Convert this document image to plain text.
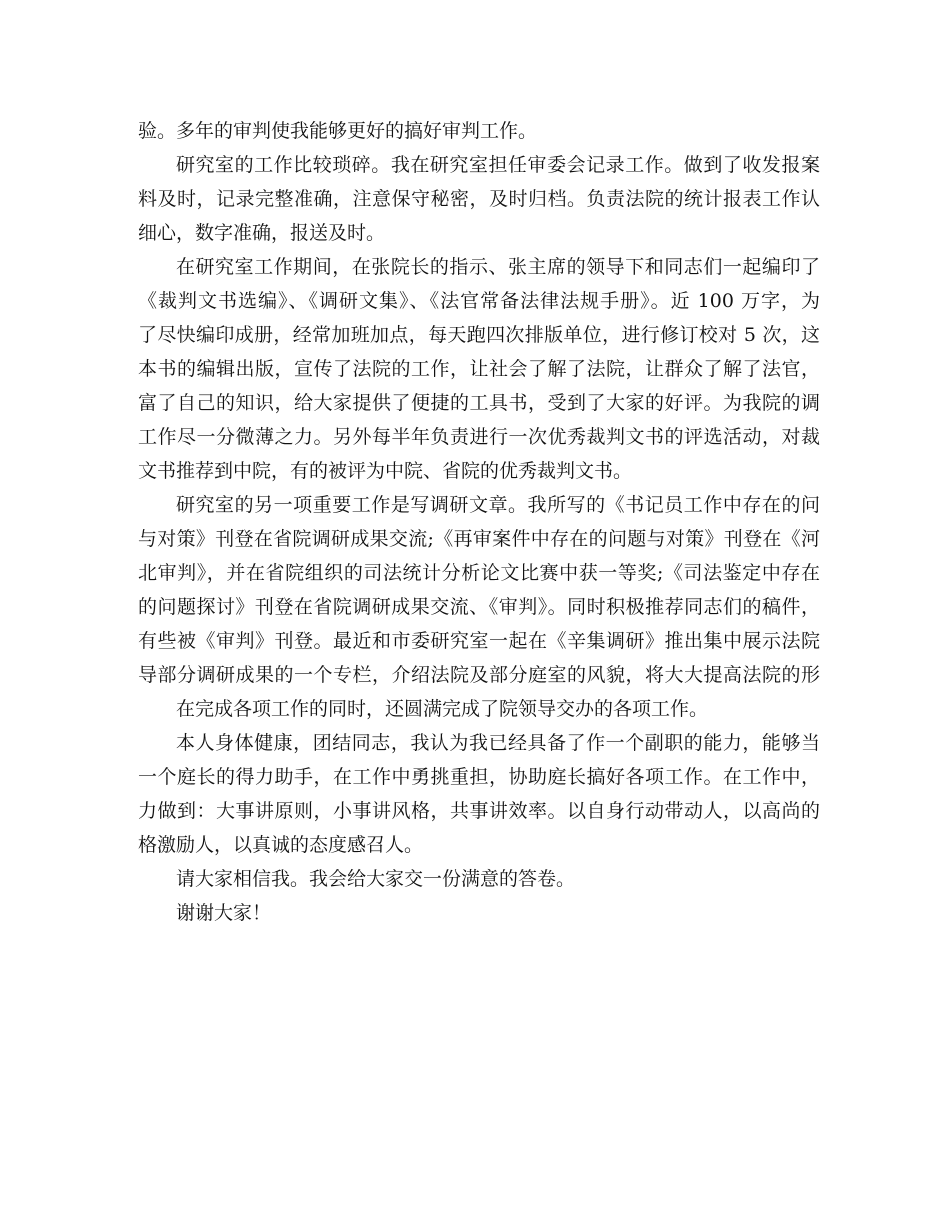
验。多年的审判使我能够更好的搞好审判工作。
研究室的工作比较琐碎。我在研究室担任审委会记录工作。做到了收发报案
料及时，记录完整准确，注意保守秘密，及时归档。负责法院的统计报表工作认
细心，数字准确，报送及时。
在研究室工作期间，在张院长的指示、张主席的领导下和同志们一起编印了
《裁判文书选编》、《调研文集》、《法官常备法律法规手册》。近 100 万字，为
了尽快编印成册，经常加班加点，每天跑四次排版单位，进行修订校对 5 次，这
本书的编辑出版，宣传了法院的工作，让社会了解了法院，让群众了解了法官，
富了自己的知识，给大家提供了便捷的工具书，受到了大家的好评。为我院的调
工作尽一分微薄之力。另外每半年负责进行一次优秀裁判文书的评选活动，对裁
文书推荐到中院，有的被评为中院、省院的优秀裁判文书。
研究室的另一项重要工作是写调研文章。我所写的《书记员工作中存在的问
与对策》刊登在省院调研成果交流;《再审案件中存在的问题与对策》刊登在《河
北审判》，并在省院组织的司法统计分析论文比赛中获一等奖;《司法鉴定中存在
的问题探讨》刊登在省院调研成果交流、《审判》。同时积极推荐同志们的稿件，
有些被《审判》刊登。最近和市委研究室一起在《辛集调研》推出集中展示法院
导部分调研成果的一个专栏，介绍法院及部分庭室的风貌，将大大提高法院的形
在完成各项工作的同时，还圆满完成了院领导交办的各项工作。
本人身体健康，团结同志，我认为我已经具备了作一个副职的能力，能够当
一个庭长的得力助手，在工作中勇挑重担，协助庭长搞好各项工作。在工作中，
力做到：大事讲原则，小事讲风格，共事讲效率。以自身行动带动人，以高尚的
格激励人，以真诚的态度感召人。
请大家相信我。我会给大家交一份满意的答卷。
谢谢大家！
